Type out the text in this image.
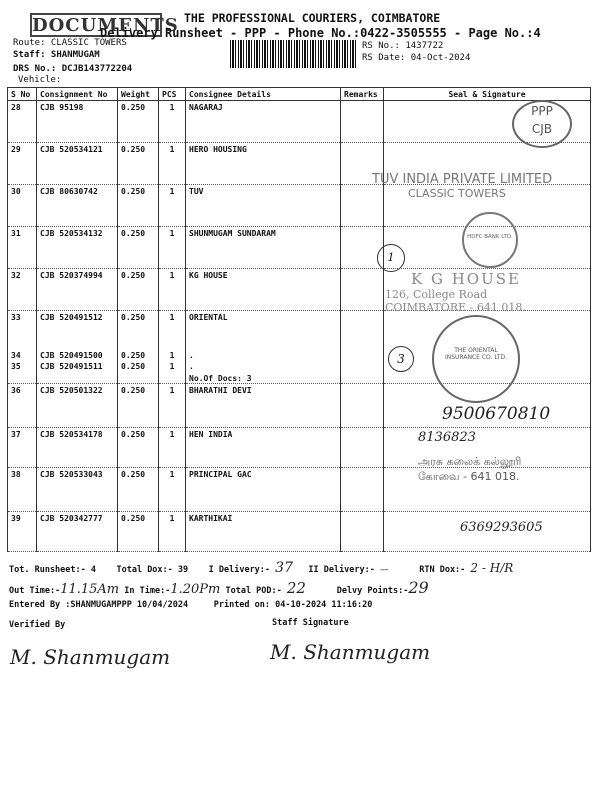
DOCUMENTS THE PROFESSIONAL COURIERS, COIMBATORE
Delivery Runsheet - PPP - Phone No.:0422-3505555 - Page No.:4
Route: CLASSIC TOWERS
Staff: SHANMUGAM
DRS No.: DCJB143772204
Vehicle:
RS No.: 1437722
RS Date: 04-Oct-2024
S No	Consignment No	Weight	PCS	Consignee Details	Remarks	Seal & Signature
28	CJB 95198	0.250	1	NAGARAJ		
29	CJB 520534121	0.250	1	HERO HOUSING		
30	CJB 80630742	0.250	1	TUV		
31	CJB 520534132	0.250	1	SHUNMUGAM SUNDARAM		
32	CJB 520374994	0.250	1	KG HOUSE		
33	CJB 520491512	0.250	1	ORIENTAL		
34	CJB 520491500	0.250	1	.		
35	CJB 520491511	0.250	1	.
No.Of Docs: 3		

36	CJB 520501322	0.250	1	BHARATHI DEVI		
37	CJB 520534178	0.250	1	HEN INDIA		
38	CJB 520533043	0.250	1	PRINCIPAL GAC		
39	CJB 520342777	0.250	1	KARTHIKAI		
PPP
CJB
TUV INDIA PRIVATE LIMITED
CLASSIC TOWERS
HDFC BANK LTD.
1
K G HOUSE
126, College Road
COIMBATORE - 641 018.
THE ORIENTAL INSURANCE CO. LTD.
3
9500670810
8136823
அரசு கலைக் கல்லூரி
கோவை - 641 018.
6369293605
Tot. Runsheet:- 4 Total Dox:- 39 I Delivery:- 37 II Delivery:- —	RTN Dox:- 2 - H/R
Out Time:-11.15Am In Time:-1.20Pm Total POD:- 22	Delvy Points:-29
Entered By :SHANMUGAMPPP 10/04/2024	Printed on: 04-10-2024 11:16:20
Verified By	Staff Signature
M. Shanmugam	M. Shanmugam
